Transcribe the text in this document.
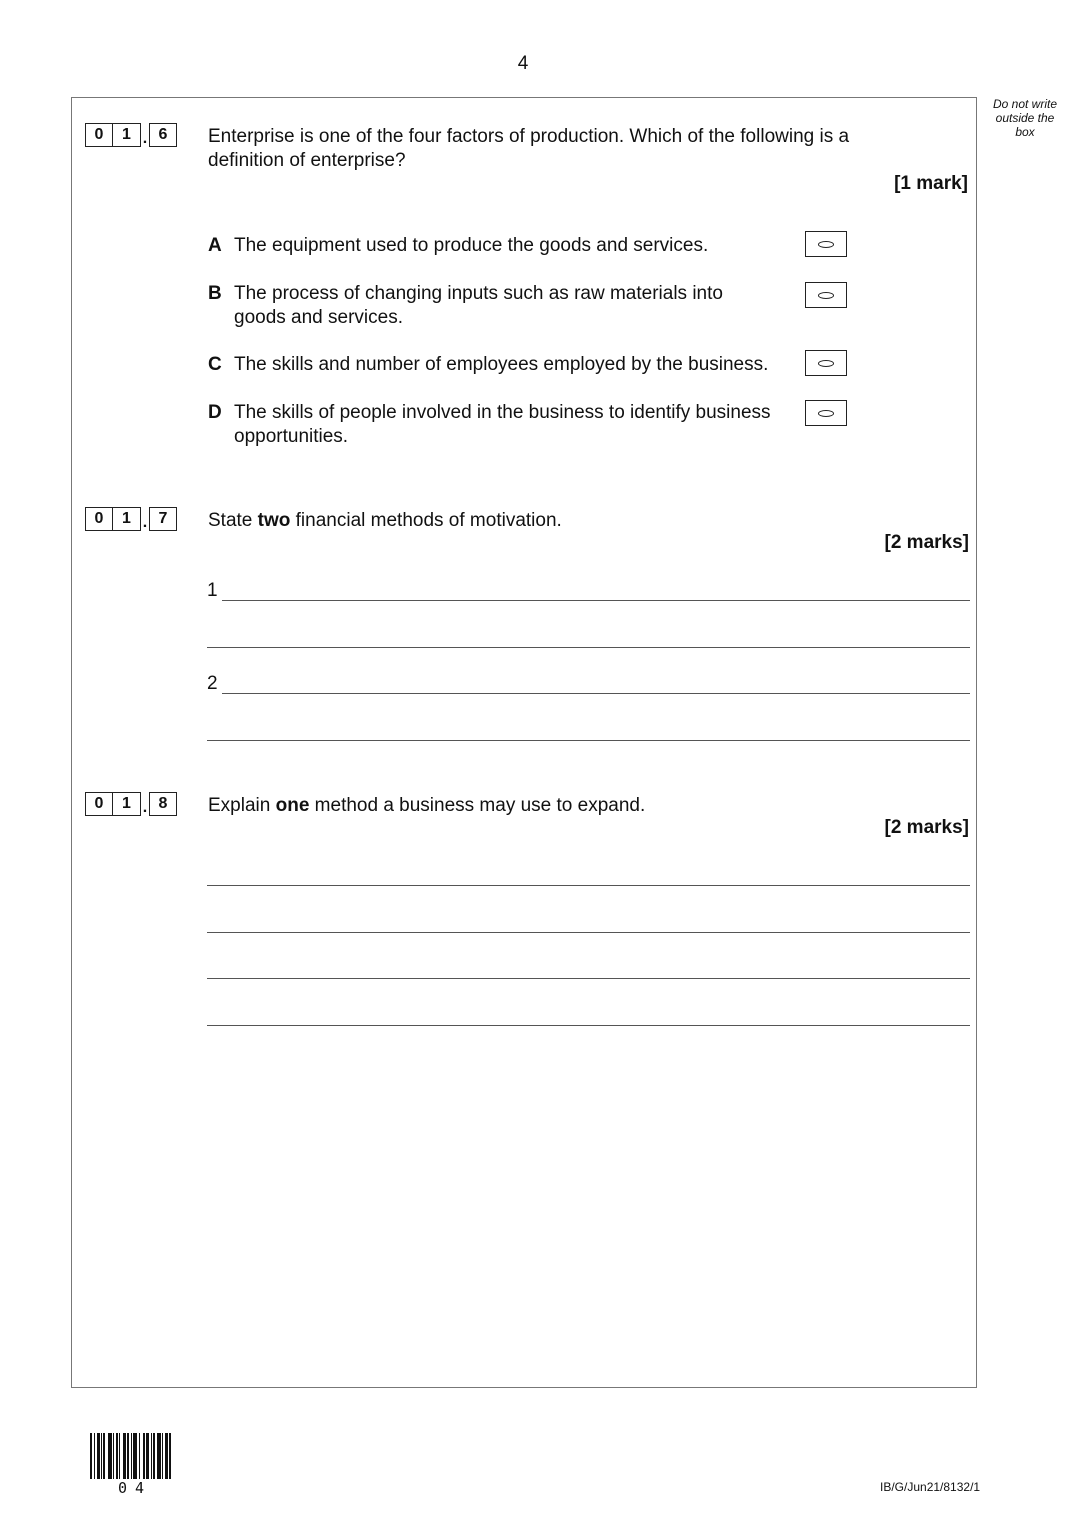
4
Do not write outside the box
0	1 . 6	Enterprise is one of the four factors of production. Which of the following is a definition of enterprise?
[1 mark]
A The equipment used to produce the goods and services.
B The process of changing inputs such as raw materials into goods and services.
C The skills and number of employees employed by the business.
D The skills of people involved in the business to identify business opportunities.
0	1 . 7	State two financial methods of motivation.
[2 marks]
1
2
0	1 . 8	Explain one method a business may use to expand.
[2 marks]
04	IB/G/Jun21/8132/1
